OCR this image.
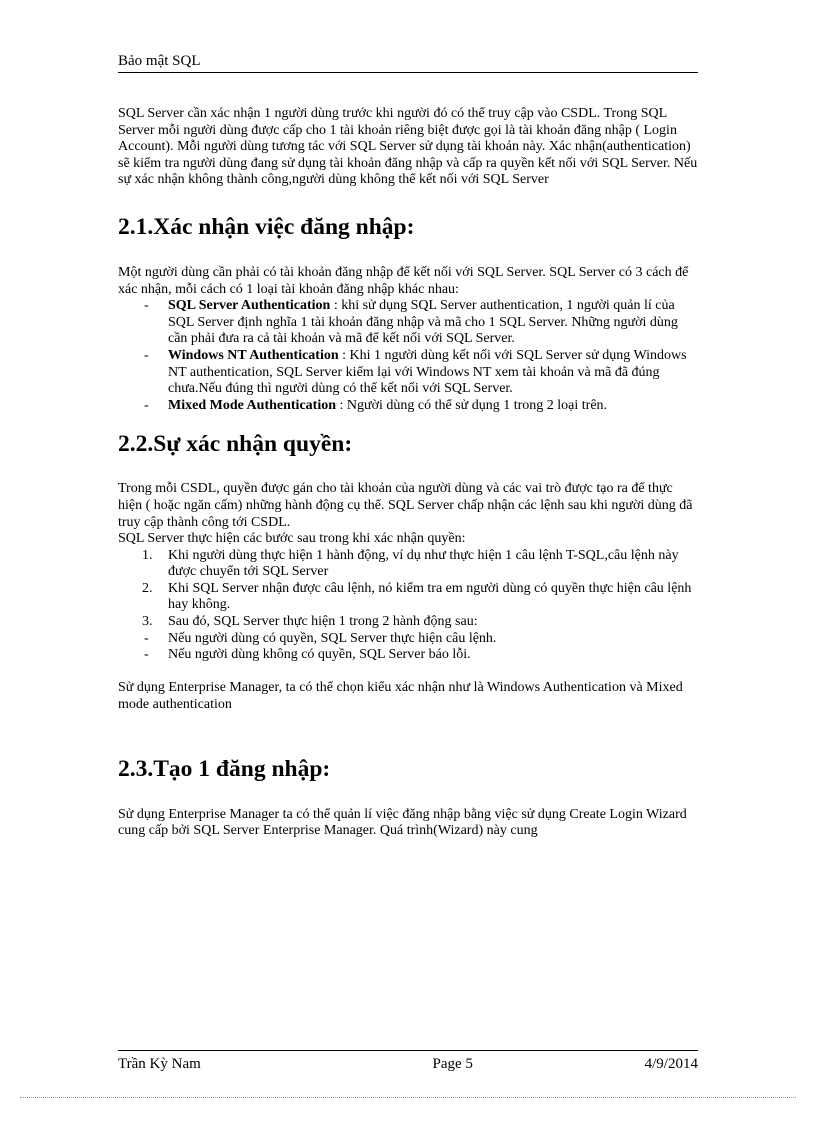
Bảo mật SQL

SQL Server cần xác nhận 1 người dùng trước khi người đó có thể truy cập vào CSDL. Trong SQL Server mỗi người dùng được cấp cho 1 tài khoản riêng biệt được gọi là tài khoản đăng nhập ( Login Account). Mỗi người dùng tương tác với SQL Server sử dụng tài khoản này. Xác nhận(authentication) sẽ kiểm tra người dùng đang sử dụng tài khoản đăng nhập và cấp ra quyền kết nối với SQL Server. Nếu sự xác nhận không thành công,người dùng không thể kết nối với SQL Server

2.1.Xác nhận việc đăng nhập:

Một người dùng cần phải có tài khoản đăng nhập để kết nối với SQL Server. SQL Server có 3 cách để xác nhận, mỗi cách có 1 loại tài khoản đăng nhập khác nhau:

- SQL Server Authentication : khi sử dụng SQL Server authentication, 1 người quản lí của SQL Server định nghĩa 1 tài khoản đăng nhập và mã cho 1 SQL Server. Những người dùng cần phải đưa ra cả tài khoản và mã để kết nối với SQL Server.
- Windows NT Authentication : Khi 1 người dùng kết nối với SQL Server sử dụng Windows NT authentication, SQL Server kiểm lại với Windows NT xem tài khoản và mã đã đúng chưa.Nếu đúng thì người dùng có thể kết nối với SQL Server.
- Mixed Mode Authentication : Người dùng có thể sử dụng 1 trong 2 loại trên.
2.2.Sự xác nhận quyền:

Trong mỗi CSDL, quyền được gán cho tài khoản của người dùng và các vai trò được tạo ra để thực hiện ( hoặc ngăn cấm) những hành động cụ thể. SQL Server chấp nhận các lệnh sau khi người dùng đã truy cập thành công tới CSDL.

SQL Server thực hiện các bước sau trong khi xác nhận quyền:

1. Khi người dùng thực hiện 1 hành động, ví dụ như thực hiện 1 câu lệnh T-SQL,câu lệnh này được chuyển tới SQL Server
2. Khi SQL Server nhận được câu lệnh, nó kiểm tra em người dùng có quyền thực hiện câu lệnh hay không.
3. Sau đó, SQL Server thực hiện 1 trong 2 hành động sau:
- Nếu người dùng có quyền, SQL Server thực hiện câu lệnh.
- Nếu người dùng không có quyền, SQL Server báo lỗi.

Sử dụng Enterprise Manager, ta có thể chọn kiểu xác nhận như là Windows Authentication và Mixed mode authentication

2.3.Tạo 1 đăng nhập:

Sử dụng Enterprise Manager ta có thể quản lí việc đăng nhập bằng việc sử dụng Create Login Wizard cung cấp bởi SQL Server Enterprise Manager. Quá trình(Wizard) này cung

Trần Kỳ Nam	Page 5	4/9/2014
